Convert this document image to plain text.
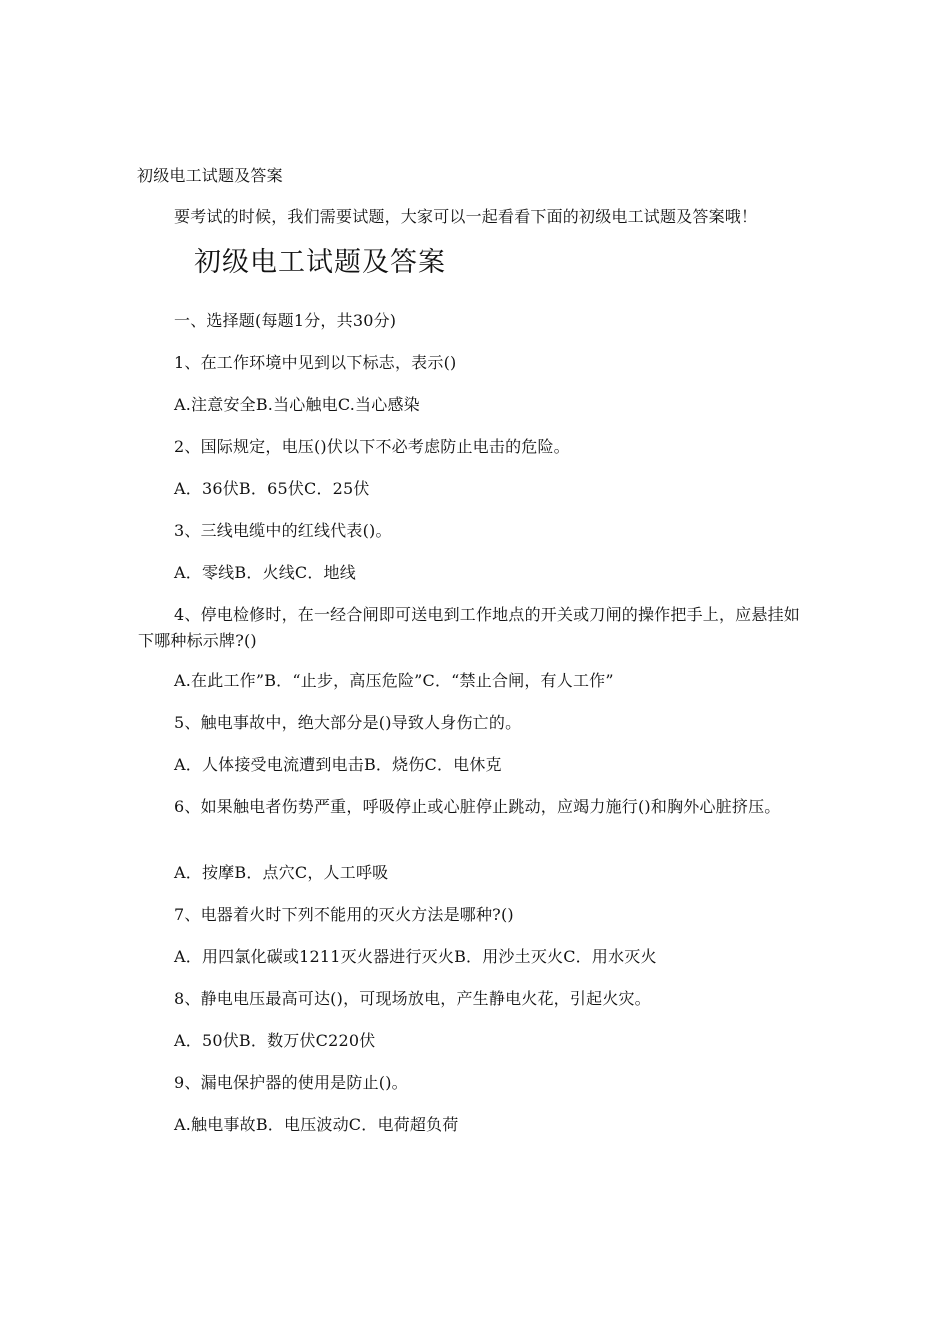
初级电工试题及答案
要考试的时候，我们需要试题，大家可以一起看看下面的初级电工试题及答案哦！
初级电工试题及答案
一、选择题(每题1分，共30分)
1、在工作环境中见到以下标志，表示()
A.注意安全B.当心触电C.当心感染
2、国际规定，电压()伏以下不必考虑防止电击的危险。
A．36伏B．65伏C．25伏
3、三线电缆中的红线代表()。
A．零线B．火线C．地线
4、停电检修时，在一经合闸即可送电到工作地点的开关或刀闸的操作把手上，应悬挂如下哪种标示牌?()
A.在此工作”B．“止步，高压危险”C．“禁止合闸，有人工作”
5、触电事故中，绝大部分是()导致人身伤亡的。
A．人体接受电流遭到电击B．烧伤C．电休克
6、如果触电者伤势严重，呼吸停止或心脏停止跳动，应竭力施行()和胸外心脏挤压。
A．按摩B．点穴C，人工呼吸
7、电器着火时下列不能用的灭火方法是哪种?()
A．用四氯化碳或1211灭火器进行灭火B．用沙土灭火C．用水灭火
8、静电电压最高可达()，可现场放电，产生静电火花，引起火灾。
A．50伏B．数万伏C220伏
9、漏电保护器的使用是防止()。
A.触电事故B．电压波动C．电荷超负荷
